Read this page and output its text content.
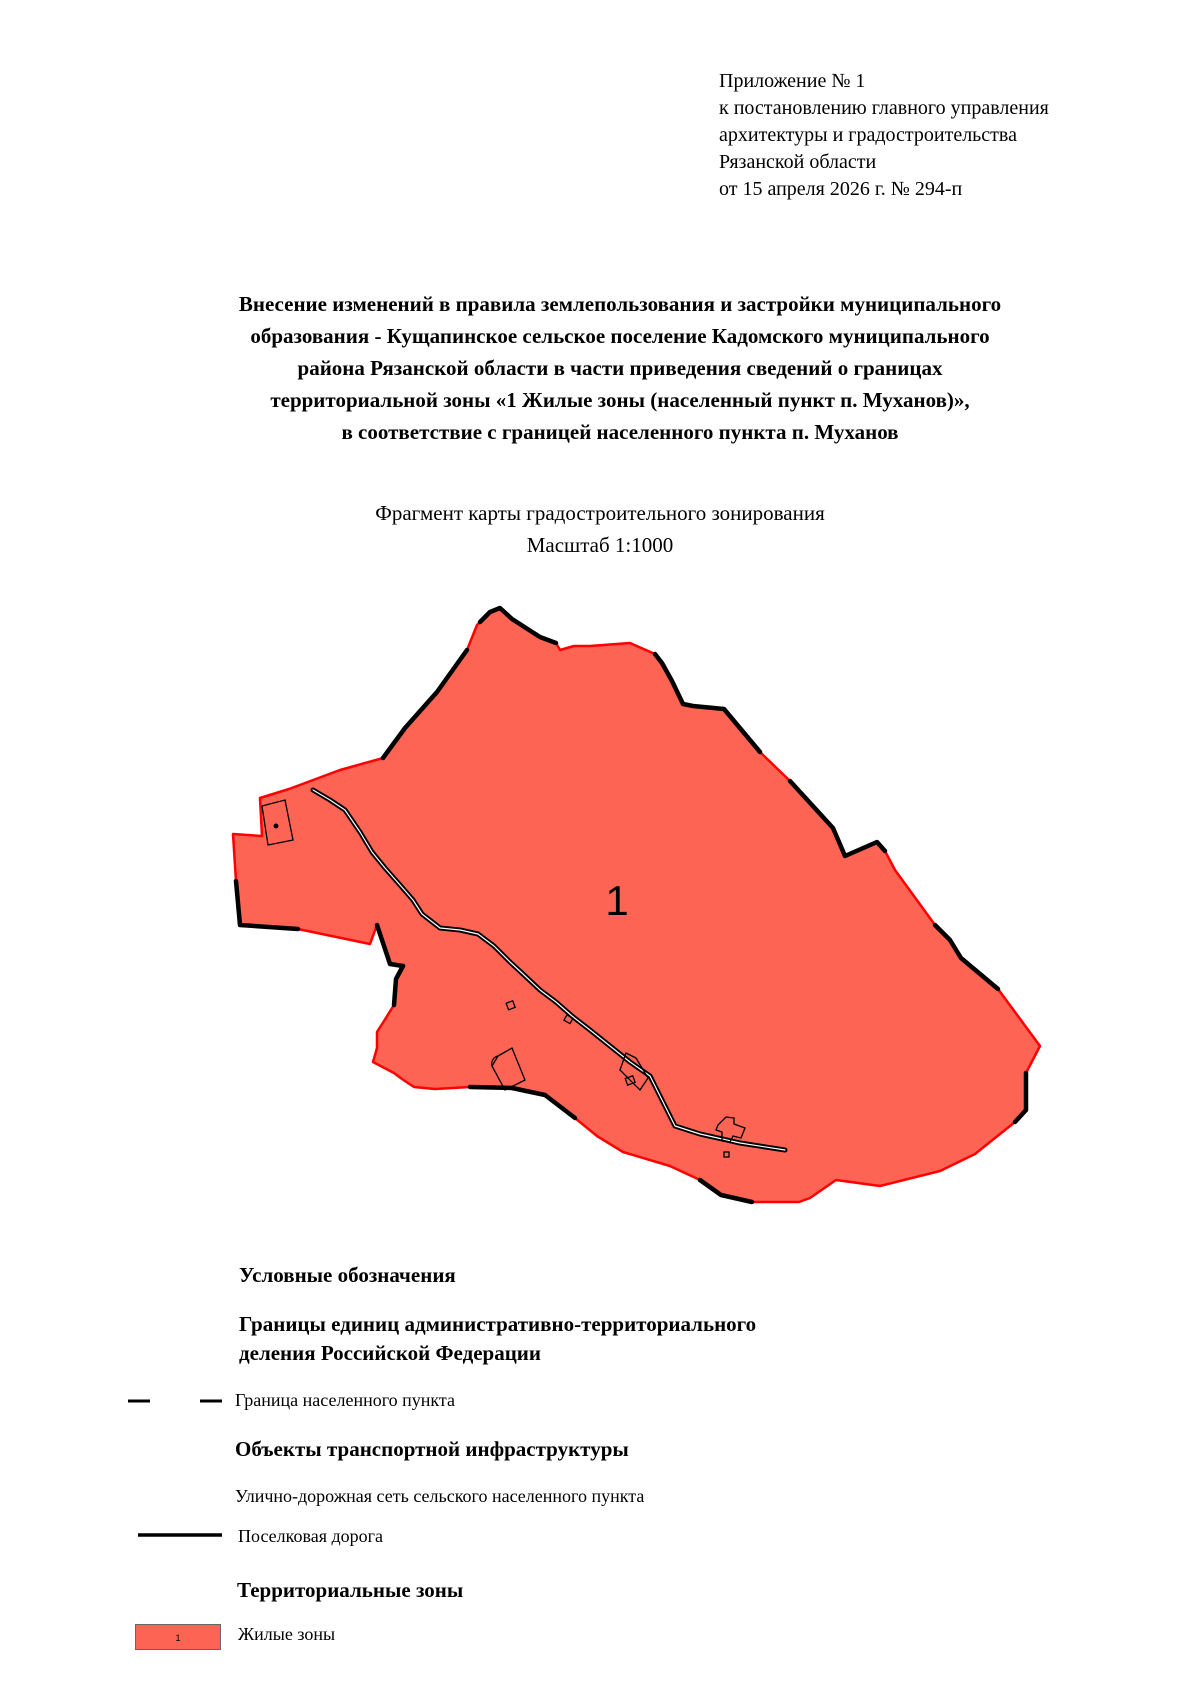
Приложение № 1
к постановлению главного управления
архитектуры и градостроительства
Рязанской области
от 15 апреля 2026 г. № 294-п
Внесение изменений в правила землепользования и застройки муниципального
образования - Кущапинское сельское поселение Кадомского муниципального
района Рязанской области в части приведения сведений о границах
территориальной зоны «1 Жилые зоны (населенный пункт п. Муханов)»,
в соответствие с границей населенного пункта п. Муханов
Фрагмент карты градостроительного зонирования
Масштаб 1:1000
1
Условные обозначения
Границы единиц административно-территориального
деления Российской Федерации
Граница населенного пункта
Объекты транспортной инфраструктуры
Улично-дорожная сеть сельского населенного пункта
Поселковая дорога
Территориальные зоны
1	Жилые зоны
